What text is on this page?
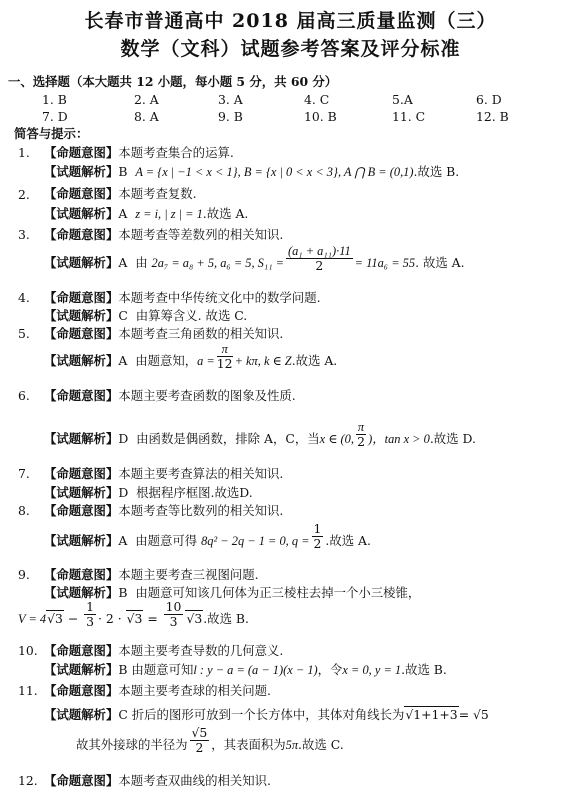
长春市普通高中 2018 届高三质量监测（三）
数学（文科）试题参考答案及评分标准
一、选择题（本大题共 12 小题，每小题 5 分，共 60 分）
1. B	2. A	3. A	4. C	5.A	6. D
7. D	8. A	9. B	10. B	11. C	12. B
简答与提示：
1.	【命题意图】本题考查集合的运算.
【试题解析】B A = {x | −1 < x < 1}, B = {x | 0 < x < 3}, A ⋂ B = (0,1).故选 B.
【命题意图】本题考查复数.
2.
【试题解析】A z = i, | z | = 1.故选 A.
3.	【命题意图】本题考查等差数列的相关知识.
【试题解析】A 由 2a₇ = a₈ + 5, a₆ = 5, $S_{11} = \frac{\text{(a₁ + a₁₁)·11}}{2} = 11a_6 = 55$. 故选 A.
4.	【命题意图】本题考查中华传统文化中的数学问题.
【试题解析】C 由算筹含义. 故选 C.
5.	【命题意图】本题考查三角函数的相关知识.
【试题解析】A 由题意知，$a = \frac{\pi}{12} + k\pi$, k ∈ Z.故选 A.
6.	【命题意图】本题主要考查函数的图象及性质.
【试题解析】D 由函数是偶函数，排除 A，C，当x ∈ (0, $\frac{\pi}{2}$ )，tan x > 0.故选 D.
7.	【命题意图】本题主要考查算法的相关知识.
【试题解析】D 根据程序框图.故选D.
8.	【命题意图】本题考查等比数列的相关知识.
【试题解析】A 由题意可得 8q² − 2q − 1 = 0, $q = \frac{1}{2}$ .故选 A.
9.	【命题意图】本题主要考查三视图问题.
【试题解析】B 由题意可知该几何体为正三棱柱去掉一个小三棱锥，
$V = 4√3 - \frac{1}{3} \cdot 2 \cdot √3 = \frac{10}{3} √3$.故选 B.
10. 【命题意图】本题主要考查导数的几何意义.
【试题解析】B 由题意可知l : y − a = (a − 1)(x − 1)，令x = 0, y = 1.故选 B.
11. 【命题意图】本题主要考查球的相关问题.
【试题解析】C 折后的图形可放到一个长方体中，其体对角线长为√1+1+3= √5
故其外接球的半径为 $\frac{√5}{2}$ ，其表面积为5π.故选 C.
12. 【命题意图】本题考查双曲线的相关知识.
